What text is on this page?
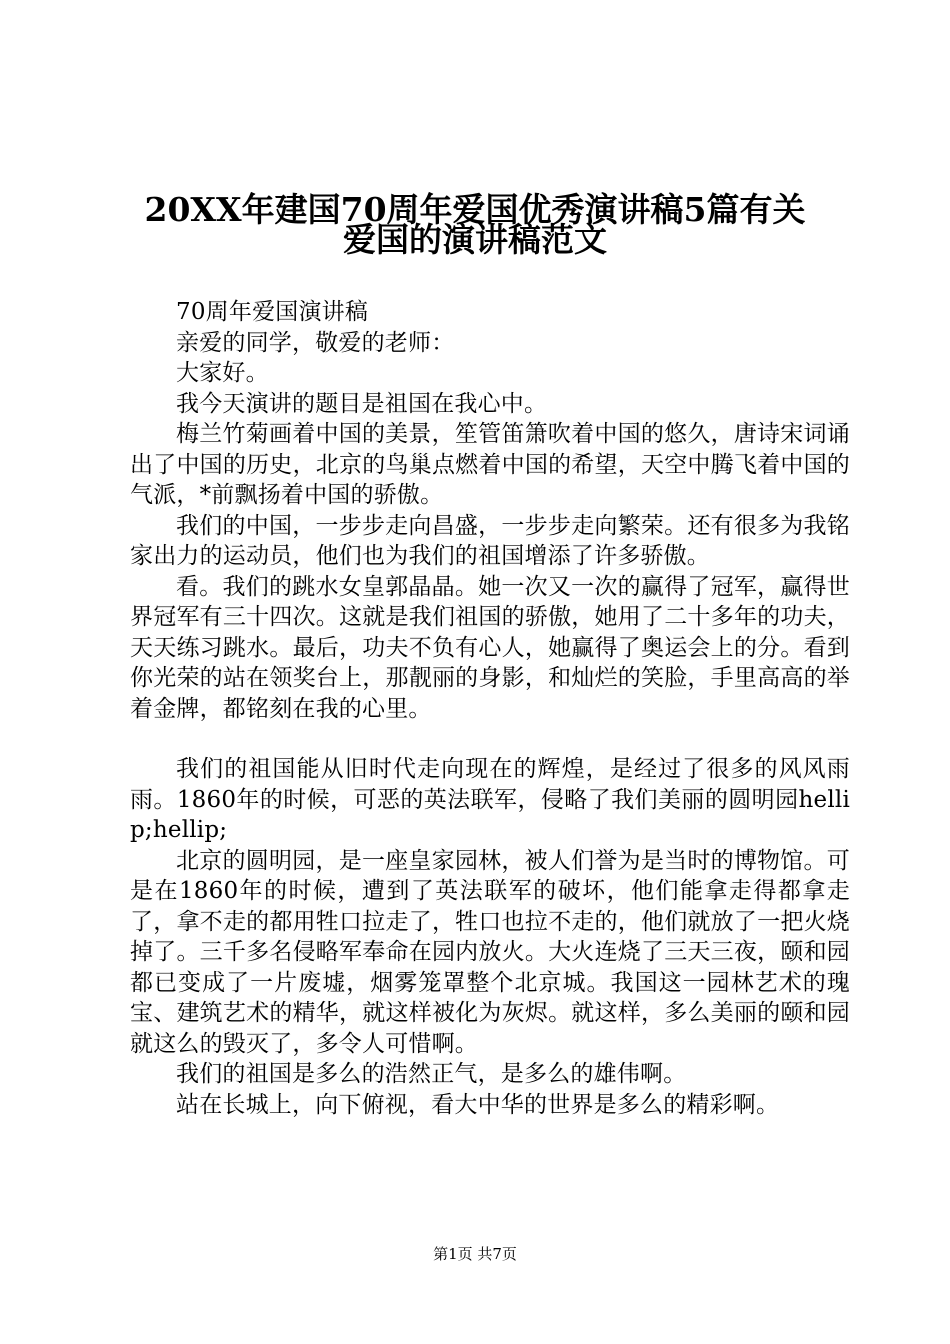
20XX年建国70周年爱国优秀演讲稿5篇有关
爱国的演讲稿范文

70周年爱国演讲稿

亲爱的同学，敬爱的老师：

大家好。

我今天演讲的题目是祖国在我心中。

梅兰竹菊画着中国的美景，笙管笛箫吹着中国的悠久，唐诗宋词诵出了中国的历史，北京的鸟巢点燃着中国的希望，天空中腾飞着中国的气派，*前飘扬着中国的骄傲。

我们的中国，一步步走向昌盛，一步步走向繁荣。还有很多为我铭家出力的运动员，他们也为我们的祖国增添了许多骄傲。

看。我们的跳水女皇郭晶晶。她一次又一次的赢得了冠军，赢得世界冠军有三十四次。这就是我们祖国的骄傲，她用了二十多年的功夫，天天练习跳水。最后，功夫不负有心人，她赢得了奥运会上的分。看到你光荣的站在领奖台上，那靓丽的身影，和灿烂的笑脸，手里高高的举着金牌，都铭刻在我的心里。

我们的祖国能从旧时代走向现在的辉煌，是经过了很多的风风雨雨。1860年的时候，可恶的英法联军，侵略了我们美丽的圆明园hellip;hellip;

北京的圆明园，是一座皇家园林，被人们誉为是当时的博物馆。可是在1860年的时候，遭到了英法联军的破坏，他们能拿走得都拿走了，拿不走的都用牲口拉走了，牲口也拉不走的，他们就放了一把火烧掉了。三千多名侵略军奉命在园内放火。大火连烧了三天三夜，颐和园都已变成了一片废墟，烟雾笼罩整个北京城。我国这一园林艺术的瑰宝、建筑艺术的精华，就这样被化为灰烬。就这样，多么美丽的颐和园就这么的毁灭了，多令人可惜啊。

我们的祖国是多么的浩然正气，是多么的雄伟啊。

站在长城上，向下俯视，看大中华的世界是多么的精彩啊。

第1页 共7页
